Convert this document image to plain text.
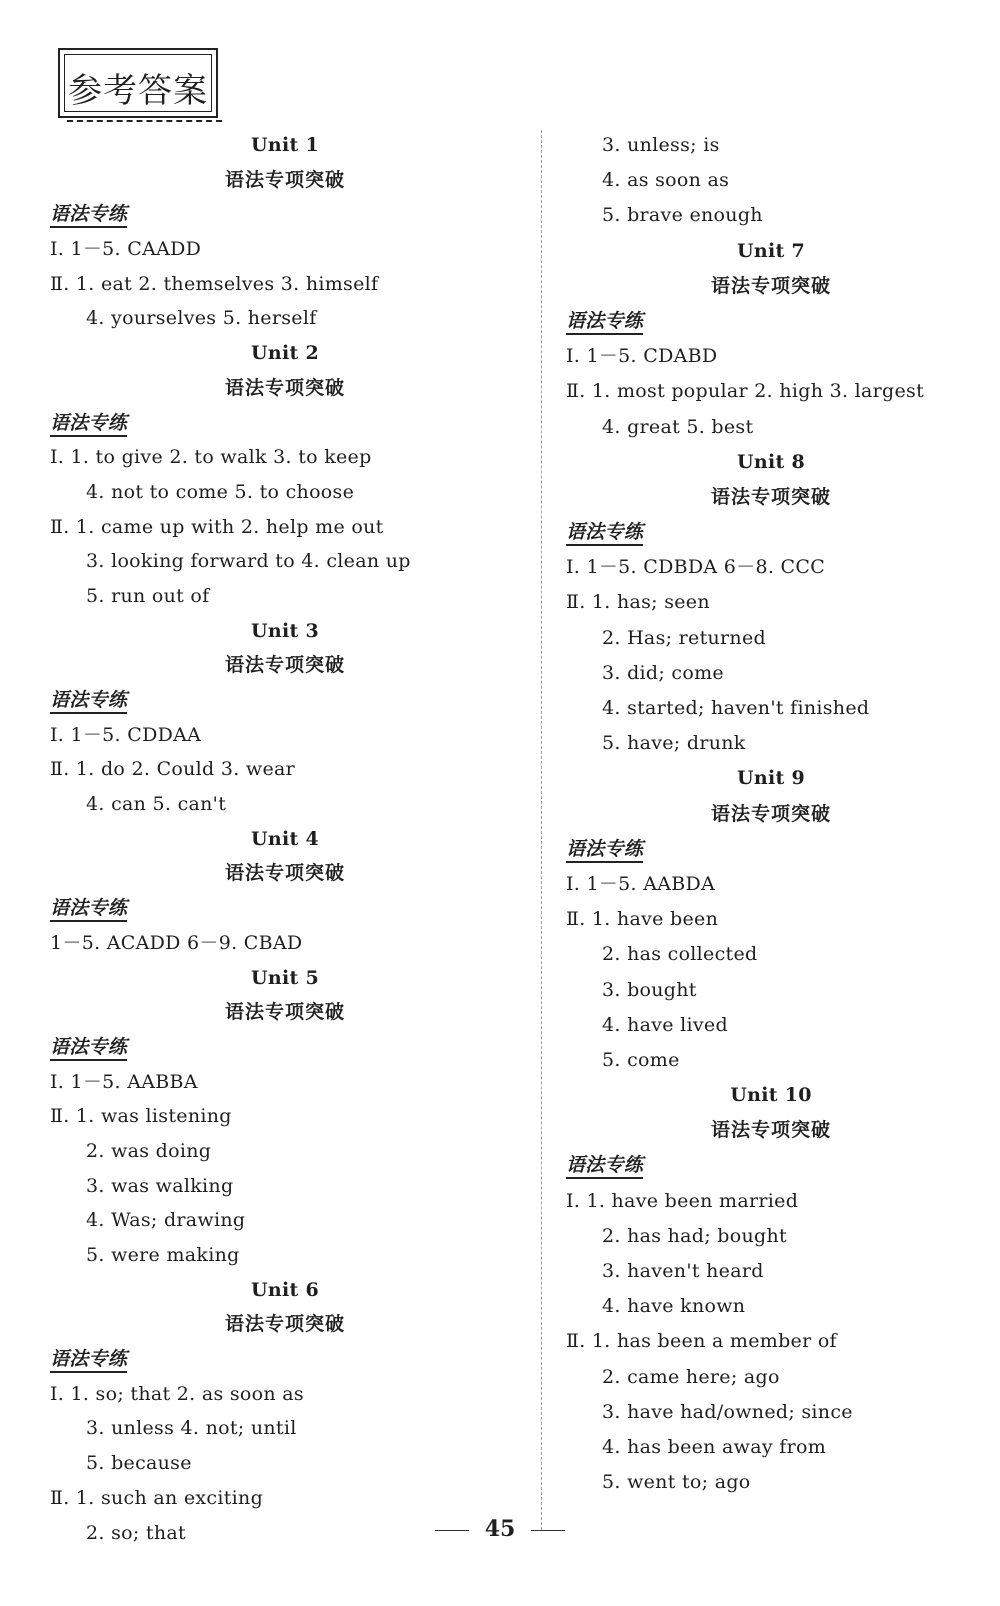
参考答案
Unit 1
语法专项突破
语法专练
Ⅰ. 1－5. CAADD
Ⅱ. 1. eat 2. themselves 3. himself
4. yourselves 5. herself
Unit 2
语法专项突破
语法专练
Ⅰ. 1. to give 2. to walk 3. to keep
4. not to come 5. to choose
Ⅱ. 1. came up with 2. help me out
3. looking forward to 4. clean up
5. run out of
Unit 3
语法专项突破
语法专练
Ⅰ. 1－5. CDDAA
Ⅱ. 1. do 2. Could 3. wear
4. can 5. can't
Unit 4
语法专项突破
语法专练
1－5. ACADD 6－9. CBAD
Unit 5
语法专项突破
语法专练
Ⅰ. 1－5. AABBA
Ⅱ. 1. was listening
2. was doing
3. was walking
4. Was; drawing
5. were making
Unit 6
语法专项突破
语法专练
Ⅰ. 1. so; that 2. as soon as
3. unless 4. not; until
5. because
Ⅱ. 1. such an exciting
2. so; that
3. unless; is
4. as soon as
5. brave enough
Unit 7
语法专项突破
语法专练
Ⅰ. 1－5. CDABD
Ⅱ. 1. most popular 2. high 3. largest
4. great 5. best
Unit 8
语法专项突破
语法专练
Ⅰ. 1－5. CDBDA 6－8. CCC
Ⅱ. 1. has; seen
2. Has; returned
3. did; come
4. started; haven't finished
5. have; drunk
Unit 9
语法专项突破
语法专练
Ⅰ. 1－5. AABDA
Ⅱ. 1. have been
2. has collected
3. bought
4. have lived
5. come
Unit 10
语法专项突破
语法专练
Ⅰ. 1. have been married
2. has had; bought
3. haven't heard
4. have known
Ⅱ. 1. has been a member of
2. came here; ago
3. have had/owned; since
4. has been away from
5. went to; ago
45
